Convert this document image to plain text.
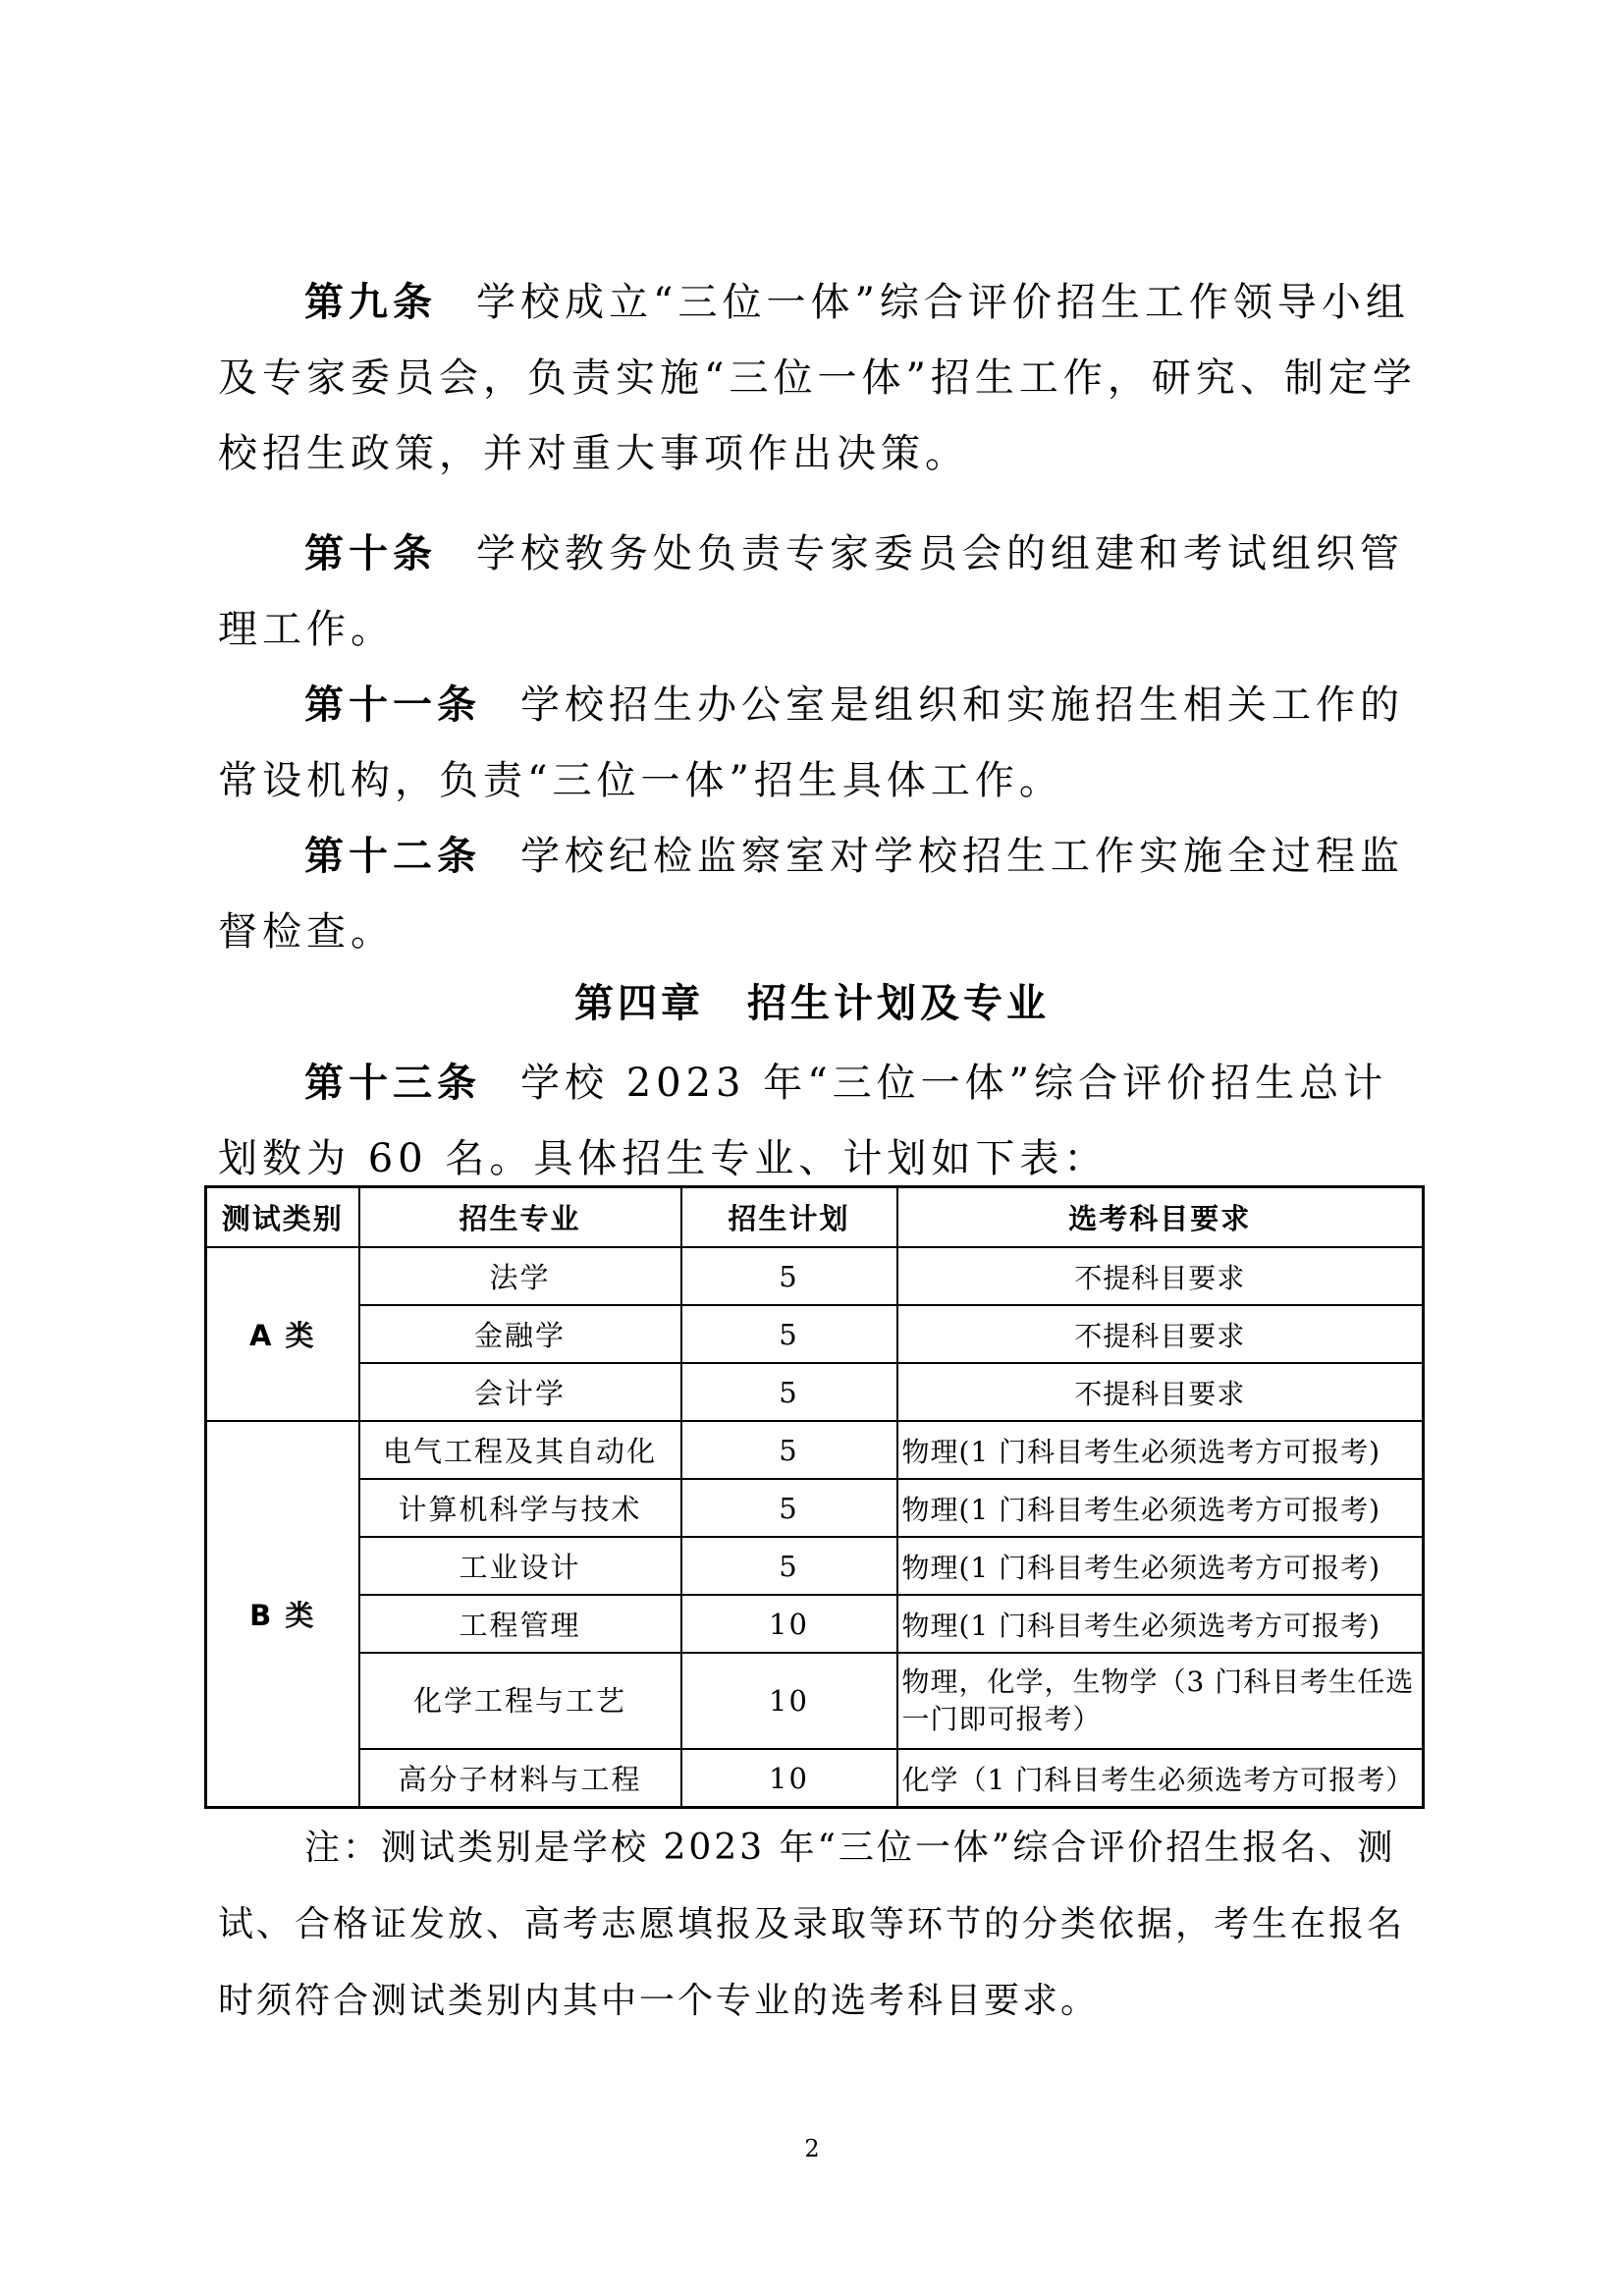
第九条 学校成立“三位一体”综合评价招生工作领导小组及专家委员会，负责实施“三位一体”招生工作，研究、制定学校招生政策，并对重大事项作出决策。

第十条 学校教务处负责专家委员会的组建和考试组织管理工作。

第十一条 学校招生办公室是组织和实施招生相关工作的常设机构，负责“三位一体”招生具体工作。

第十二条 学校纪检监察室对学校招生工作实施全过程监督检查。

第四章　招生计划及专业

第十三条 学校 2023 年“三位一体”综合评价招生总计划数为 60 名。具体招生专业、计划如下表：

测试类别	招生专业	招生计划	选考科目要求
A 类	法学	5	不提科目要求
	金融学	5	不提科目要求
	会计学	5	不提科目要求
B 类	电气工程及其自动化	5	物理(1 门科目考生必须选考方可报考)
	计算机科学与技术	5	物理(1 门科目考生必须选考方可报考)
	工业设计	5	物理(1 门科目考生必须选考方可报考)
	工程管理	10	物理(1 门科目考生必须选考方可报考)
	化学工程与工艺	10	物理，化学，生物学（3 门科目考生任选一门即可报考）
	高分子材料与工程	10	化学（1 门科目考生必须选考方可报考）

注：测试类别是学校 2023 年“三位一体”综合评价招生报名、测试、合格证发放、高考志愿填报及录取等环节的分类依据，考生在报名时须符合测试类别内其中一个专业的选考科目要求。

2
